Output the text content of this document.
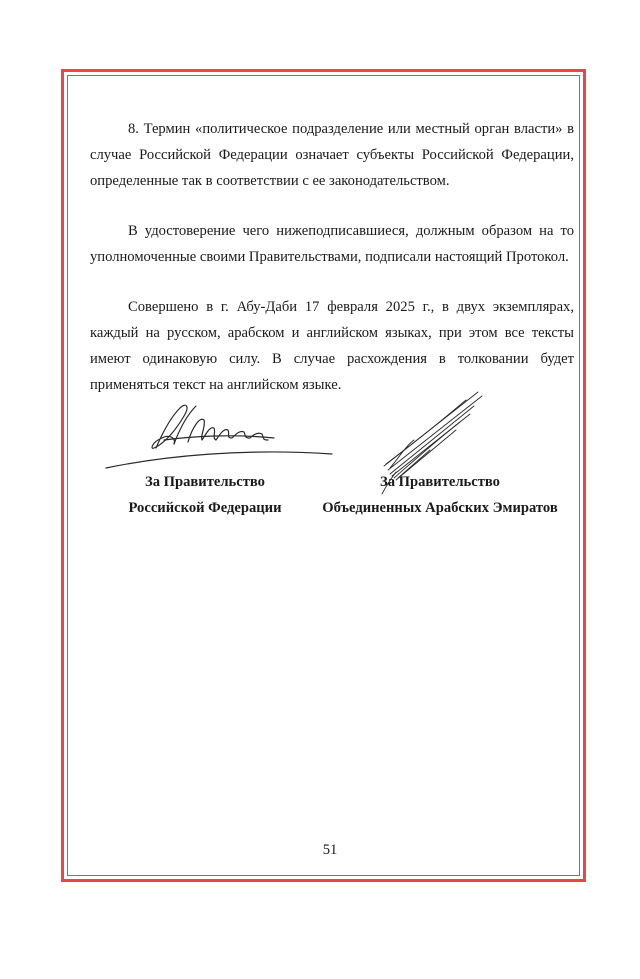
8. Термин «политическое подразделение или местный орган власти» в случае Российской Федерации означает субъекты Российской Федерации, определенные так в соответствии с ее законодательством.

В удостоверение чего нижеподписавшиеся, должным образом на то уполномоченные своими Правительствами, подписали настоящий Протокол.

Совершено в г. Абу-Даби 17 февраля 2025 г., в двух экземплярах, каждый на русском, арабском и английском языках, при этом все тексты имеют одинаковую силу. В случае расхождения в толковании будет применяться текст на английском языке.

За Правительство
Российской Федерации
За Правительство
Объединенных Арабских Эмиратов
51
